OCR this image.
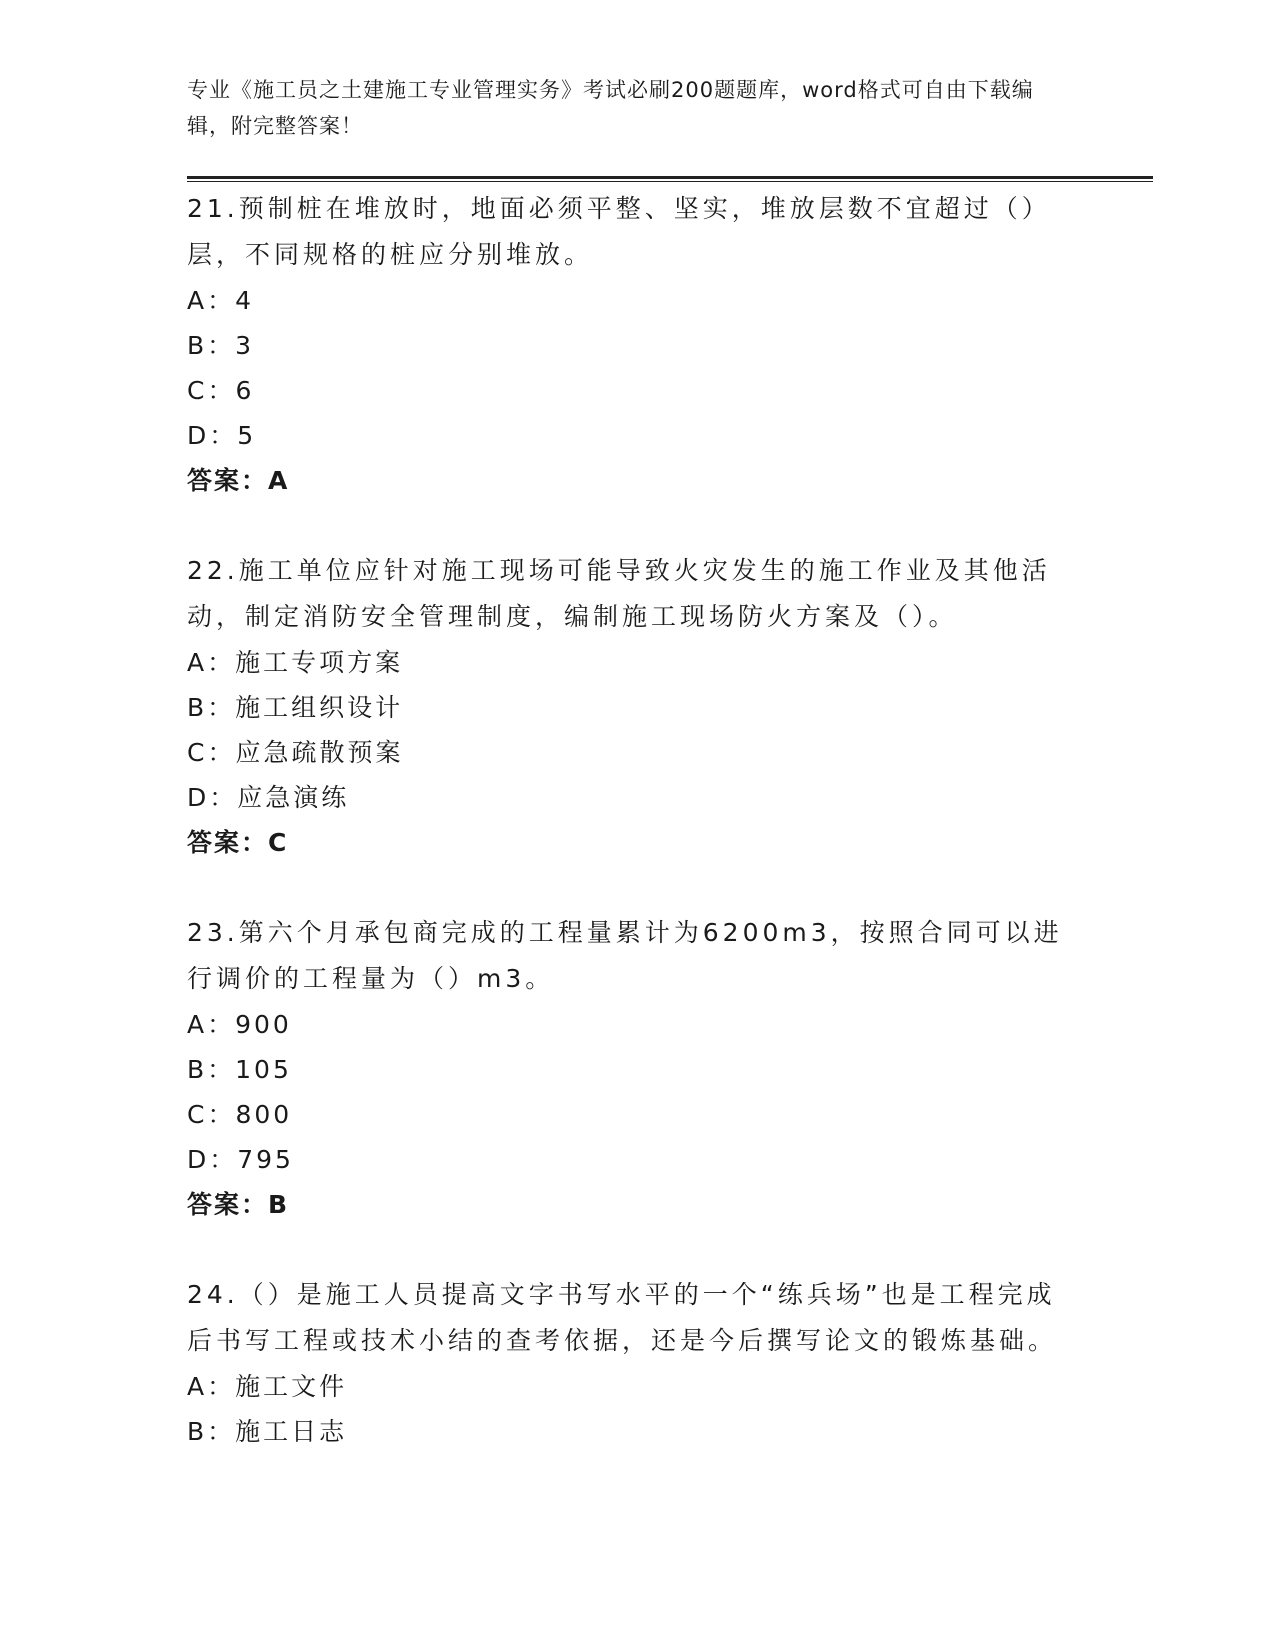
专业《施工员之土建施工专业管理实务》考试必刷200题题库，word格式可自由下载编辑，附完整答案！

21.预制桩在堆放时，地面必须平整、坚实，堆放层数不宜超过（）层，不同规格的桩应分别堆放。

A：4

B：3

C：6

D：5

答案：A

22.施工单位应针对施工现场可能导致火灾发生的施工作业及其他活动，制定消防安全管理制度，编制施工现场防火方案及（）。

A：施工专项方案

B：施工组织设计

C：应急疏散预案

D：应急演练

答案：C

23.第六个月承包商完成的工程量累计为6200m3，按照合同可以进行调价的工程量为（）m3。

A：900

B：105

C：800

D：795

答案：B

24.（）是施工人员提高文字书写水平的一个“练兵场”也是工程完成后书写工程或技术小结的查考依据，还是今后撰写论文的锻炼基础。

A：施工文件

B：施工日志
